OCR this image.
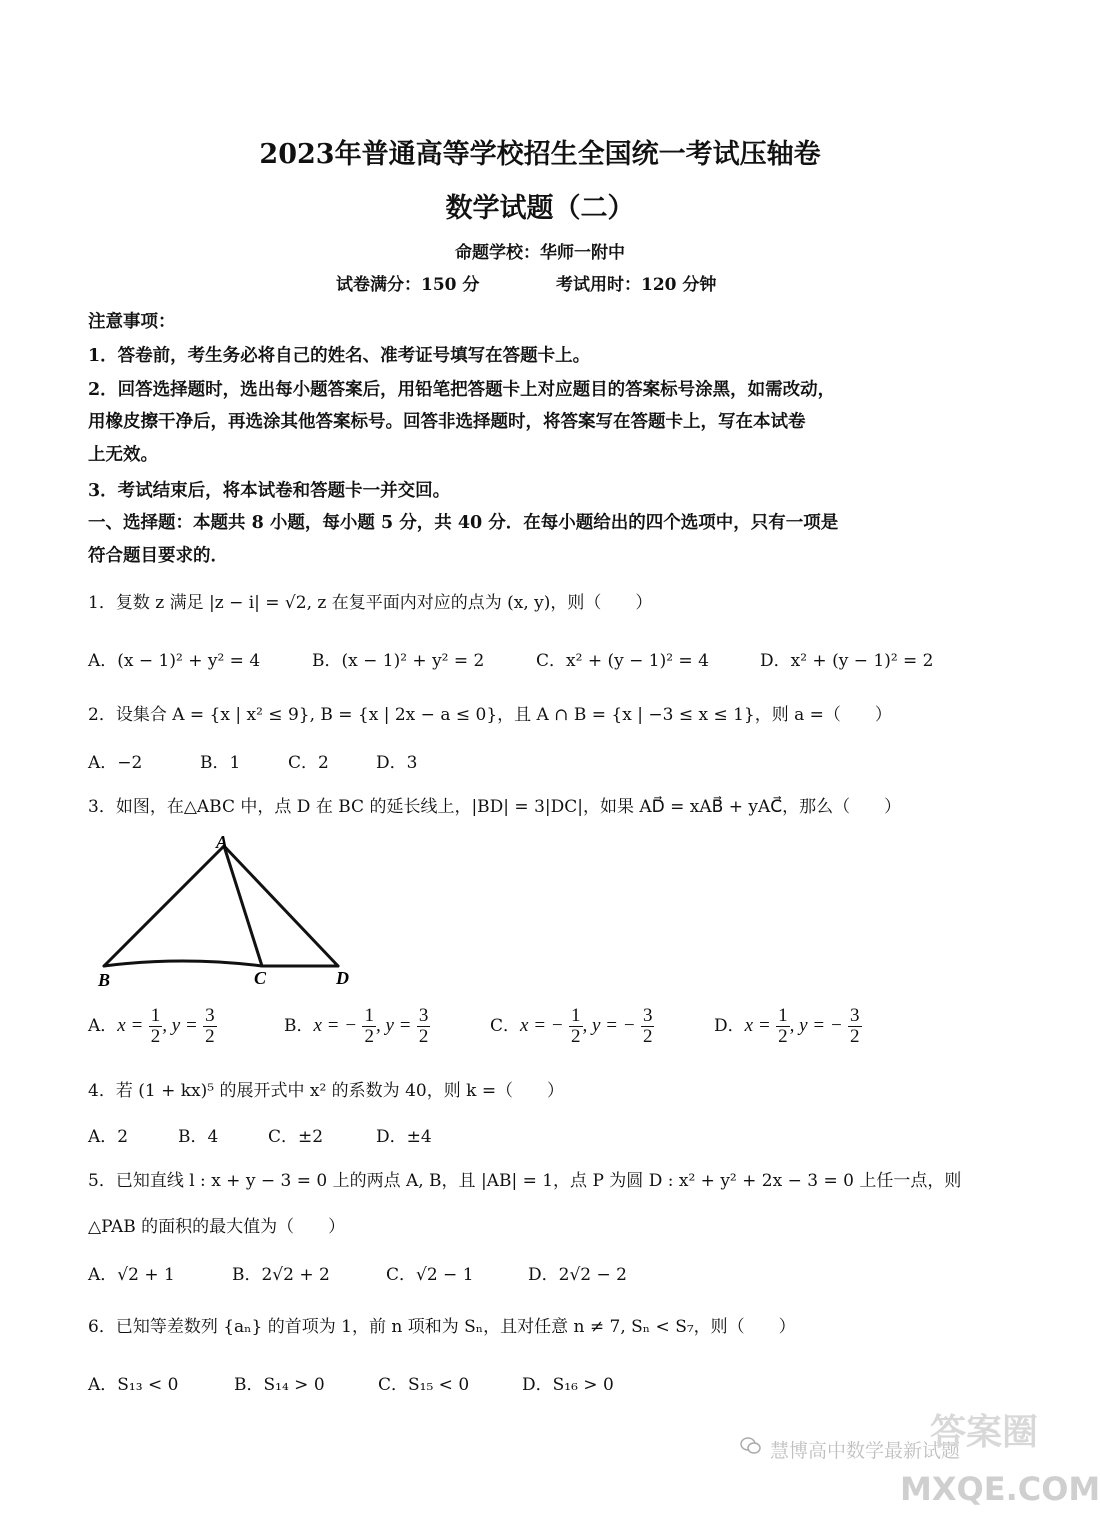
2023年普通高等学校招生全国统一考试压轴卷
数学试题（二）
命题学校：华师一附中
试卷满分：150 分	考试用时：120 分钟
注意事项：
1．答卷前，考生务必将自己的姓名、准考证号填写在答题卡上。
2．回答选择题时，选出每小题答案后，用铅笔把答题卡上对应题目的答案标号涂黑，如需改动，
用橡皮擦干净后，再选涂其他答案标号。回答非选择题时，将答案写在答题卡上，写在本试卷
上无效。
3．考试结束后，将本试卷和答题卡一并交回。
一、选择题：本题共 8 小题，每小题 5 分，共 40 分．在每小题给出的四个选项中，只有一项是
符合题目要求的．
1．复数 z 满足 |z − i| = √2, z 在复平面内对应的点为 (x, y)，则（　　）
A．(x − 1)² + y² = 4	B．(x − 1)² + y² = 2	C．x² + (y − 1)² = 4	D．x² + (y − 1)² = 2
2．设集合 A = {x | x² ≤ 9}, B = {x | 2x − a ≤ 0}，且 A ∩ B = {x | −3 ≤ x ≤ 1}，则 a =（　　）
A．−2	B．1	C．2	D．3
3．如图，在△ABC 中，点 D 在 BC 的延长线上，|BD| = 3|DC|，如果 AD⃗ = xAB⃗ + yAC⃗，那么（　　）
A
B	C	D
A．$x = \frac{1}{2}$ , $y = \frac{3}{2}$	B．x = − $\frac{1}{2}$ , $y = \frac{3}{2}$	C．x = − $\frac{1}{2}$ , y = − $\frac{3}{2}$	D．$x = \frac{1}{2}$ , y = − $\frac{3}{2}$
4．若 (1 + kx)⁵ 的展开式中 x² 的系数为 40，则 k =（　　）
A．2	B．4	C．±2	D．±4
5．已知直线 l : x + y − 3 = 0 上的两点 A, B，且 |AB| = 1，点 P 为圆 D : x² + y² + 2x − 3 = 0 上任一点，则
△PAB 的面积的最大值为（　　）
A．√2 + 1	B．2√2 + 2	C．√2 − 1	D．2√2 − 2
6．已知等差数列 {aₙ} 的首项为 1，前 n 项和为 Sₙ，且对任意 n ≠ 7, Sₙ < S₇，则（　　）
A．S₁₃ < 0	B．S₁₄ > 0	C．S₁₅ < 0	D．S₁₆ > 0
慧博高中数学最新试题
答案圈
MXQE.COM
